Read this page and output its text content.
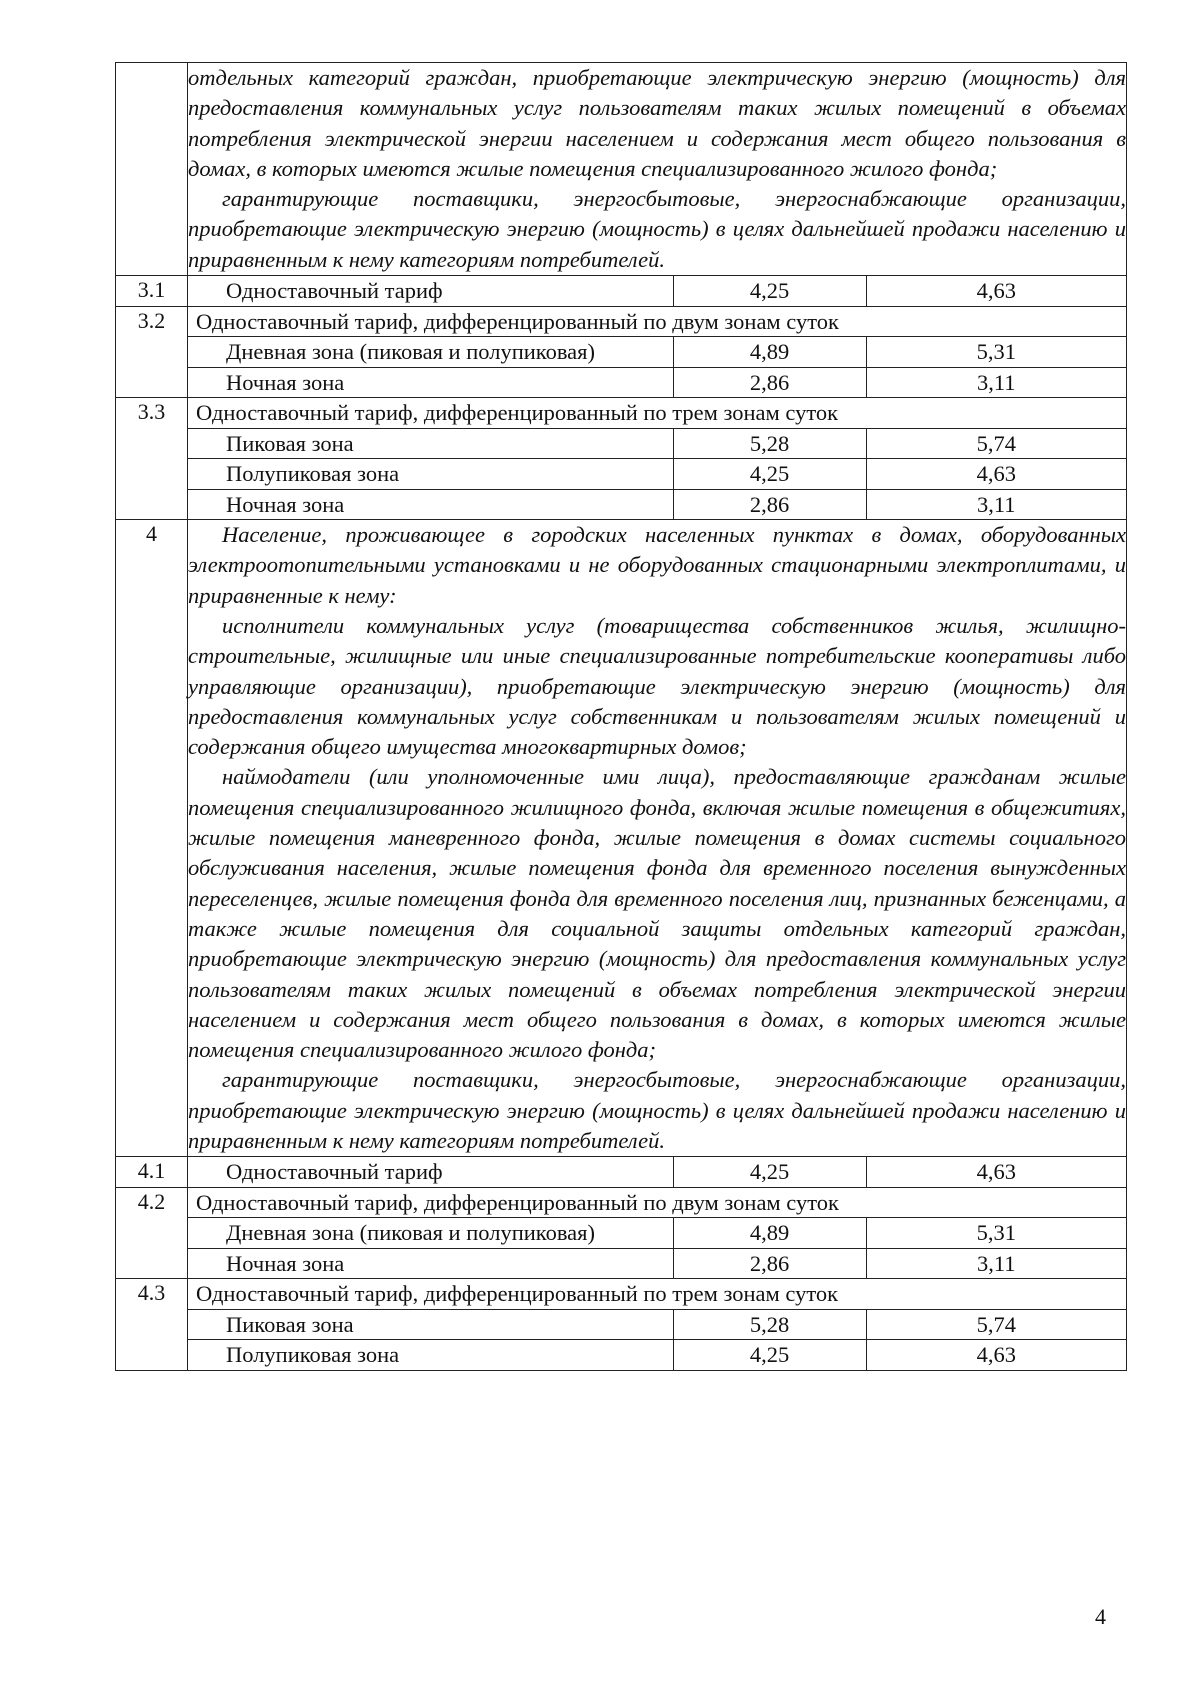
отдельных категорий граждан, приобретающие электрическую энергию (мощность) для предоставления коммунальных услуг пользователям таких жилых помещений в объемах потребления электрической энергии населением и содержания мест общего пользования в домах, в которых имеются жилые помещения специализированного жилого фонда;

гарантирующие поставщики, энергосбытовые, энергоснабжающие организации, приобретающие электрическую энергию (мощность) в целях дальнейшей продажи населению и приравненным к нему категориям потребителей.

3.1		Одноставочный тариф	4,25	4,63

3.2	Одноставочный тариф, дифференцированный по двум зонам суток
Дневная зона (пиковая и полупиковая)	4,89	5,31
Ночная зона	2,86	3,11

3.3	Одноставочный тариф, дифференцированный по трем зонам суток
Пиковая зона	5,28	5,74
Полупиковая зона	4,25	4,63
Ночная зона	2,86	3,11

4	Население, проживающее в городских населенных пунктах в домах, оборудованных электроотопительными установками и не оборудованных стационарными электроплитами, и приравненные к нему:

исполнители коммунальных услуг (товарищества собственников жилья, жилищно-строительные, жилищные или иные специализированные потребительские кооперативы либо управляющие организации), приобретающие электрическую энергию (мощность) для предоставления коммунальных услуг собственникам и пользователям жилых помещений и содержания общего имущества многоквартирных домов;

наймодатели (или уполномоченные ими лица), предоставляющие гражданам жилые помещения специализированного жилищного фонда, включая жилые помещения в общежитиях, жилые помещения маневренного фонда, жилые помещения в домах системы социального обслуживания населения, жилые помещения фонда для временного поселения вынужденных переселенцев, жилые помещения фонда для временного поселения лиц, признанных беженцами, а также жилые помещения для социальной защиты отдельных категорий граждан, приобретающие электрическую энергию (мощность) для предоставления коммунальных услуг пользователям таких жилых помещений в объемах потребления электрической энергии населением и содержания мест общего пользования в домах, в которых имеются жилые помещения специализированного жилого фонда;

гарантирующие поставщики, энергосбытовые, энергоснабжающие организации, приобретающие электрическую энергию (мощность) в целях дальнейшей продажи населению и приравненным к нему категориям потребителей.

4.1		Одноставочный тариф	4,25	4,63

4.2	Одноставочный тариф, дифференцированный по двум зонам суток
Дневная зона (пиковая и полупиковая)	4,89	5,31
Ночная зона	2,86	3,11

4.3	Одноставочный тариф, дифференцированный по трем зонам суток
Пиковая зона	5,28	5,74
Полупиковая зона	4,25	4,63
4
